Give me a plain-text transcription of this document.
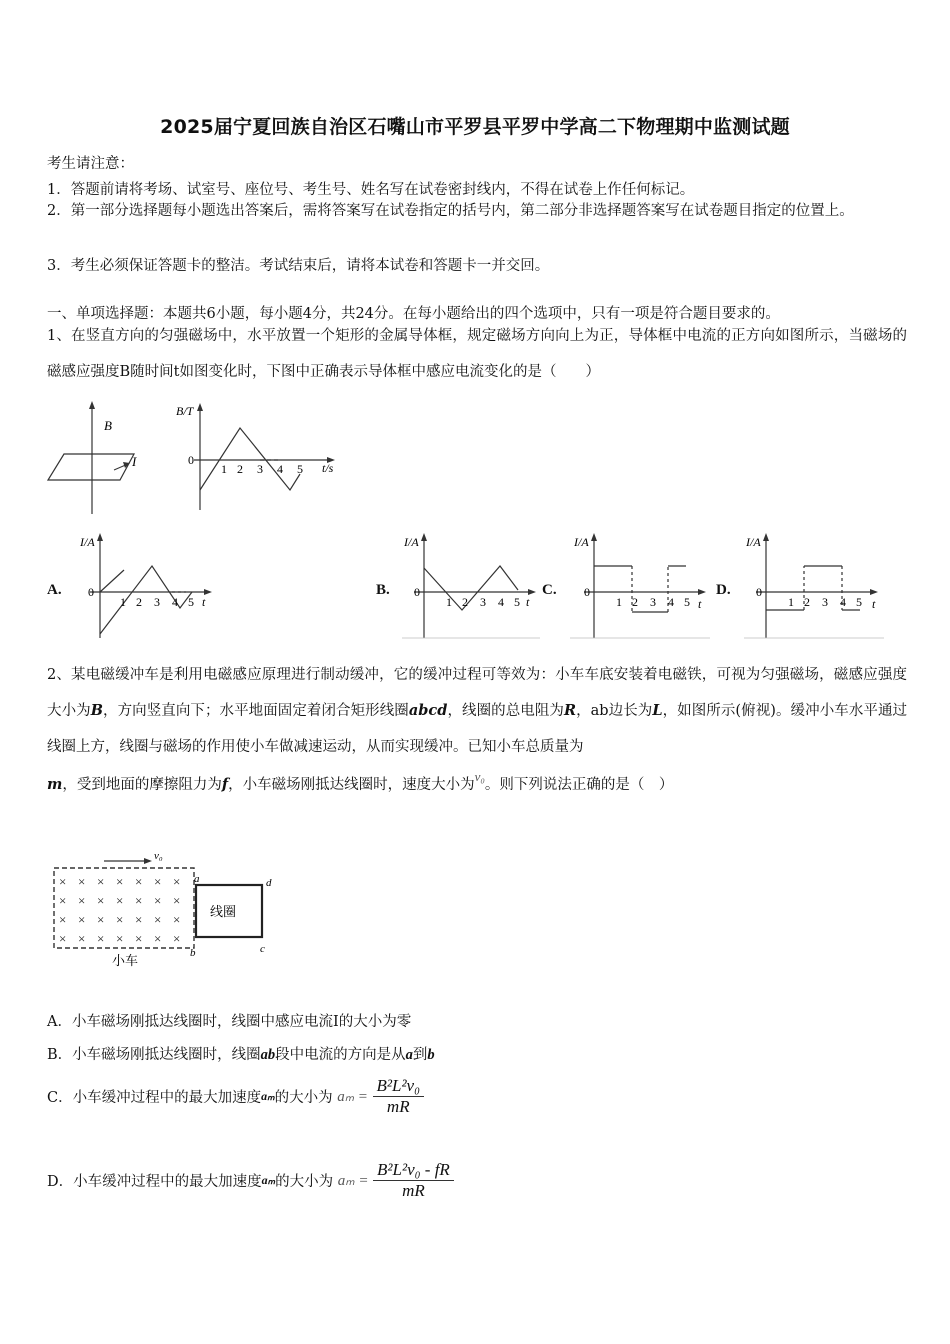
2025届宁夏回族自治区石嘴山市平罗县平罗中学高二下物理期中监测试题
考生请注意：
1．答题前请将考场、试室号、座位号、考生号、姓名写在试卷密封线内，不得在试卷上作任何标记。
2．第一部分选择题每小题选出答案后，需将答案写在试卷指定的括号内，第二部分非选择题答案写在试卷题目指定的位置上。
3．考生必须保证答题卡的整洁。考试结束后，请将本试卷和答题卡一并交回。
一、单项选择题：本题共6小题，每小题4分，共24分。在每小题给出的四个选项中，只有一项是符合题目要求的。
1、在竖直方向的匀强磁场中，水平放置一个矩形的金属导体框，规定磁场方向向上为正，导体框中电流的正方向如图所示，当磁场的磁感应强度B随时间t如图变化时，下图中正确表示导体框中感应电流变化的是（　　）
B
I
B/T
t/s
0
1 2 3 4 5
A.
I/A
0
1 2 3 4 5 t
B.
I/A
0
1 2 3 4 5 t
C.
I/A
0
1 2 3 4 5 t
D.
I/A
0
1 2 3 4 5 t
2、某电磁缓冲车是利用电磁感应原理进行制动缓冲，它的缓冲过程可等效为：小车车底安装着电磁铁，可视为匀强磁场，磁感应强度大小为B，方向竖直向下；水平地面固定着闭合矩形线圈abcd，线圈的总电阻为R，ab边长为L，如图所示(俯视)。缓冲小车水平通过线圈上方，线圈与磁场的作用使小车做减速运动，从而实现缓冲。已知小车总质量为
m，受到地面的摩擦阻力为f，小车磁场刚抵达线圈时，速度大小为v₀。则下列说法正确的是（　）
v₀
× × × × × × ×
× × × × × × ×
× × × × × × ×
× × × × × × ×
线圈
小车
a
b	c
d
A．小车磁场刚抵达线圈时，线圈中感应电流I的大小为零
B．小车磁场刚抵达线圈时，线圈ab段中电流的方向是从a到b
C．小车缓冲过程中的最大加速度aₘ的大小为 $a_m = \frac{\text{B²L²v₀}}{mR}$
D．小车缓冲过程中的最大加速度aₘ的大小为 $a_m = \frac{\text{B²L²v₀ - fR}}{mR}$
